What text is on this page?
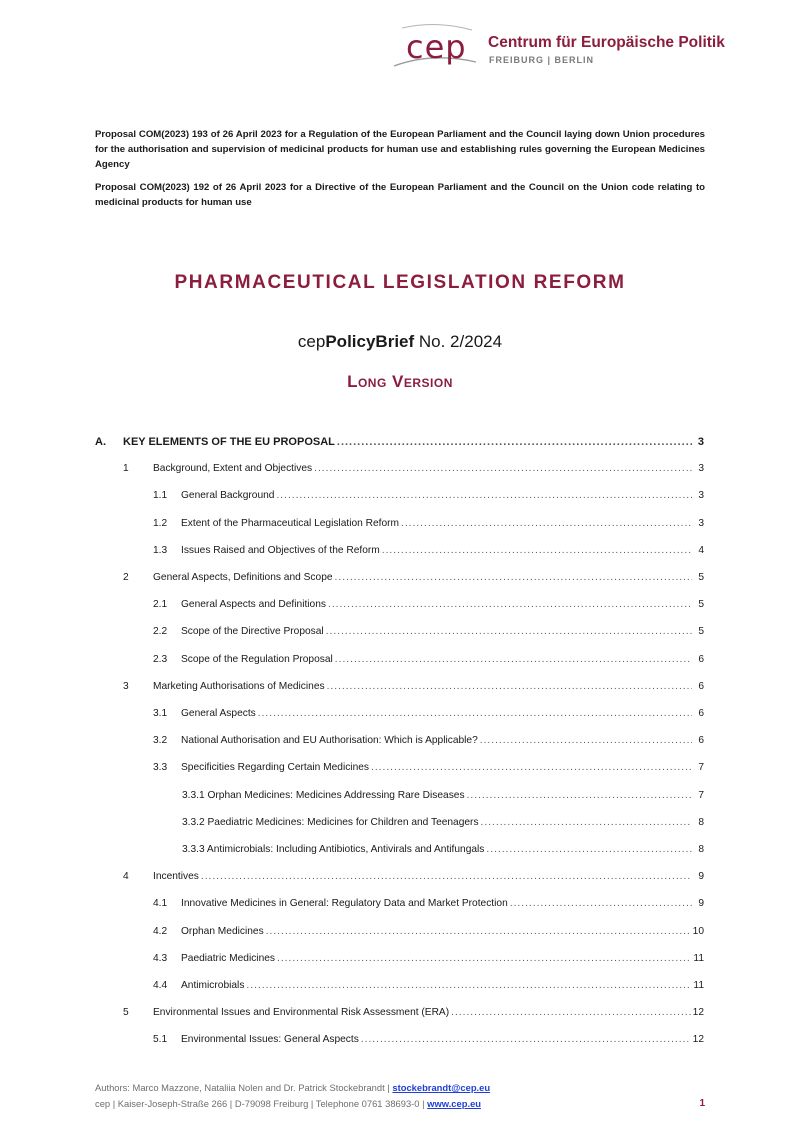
cep Centrum für Europäische Politik
FREIBURG | BERLIN
Proposal COM(2023) 193 of 26 April 2023 for a Regulation of the European Parliament and the Council laying down Union procedures for the authorisation and supervision of medicinal products for human use and establishing rules governing the European Medicines Agency
Proposal COM(2023) 192 of 26 April 2023 for a Directive of the European Parliament and the Council on the Union code relating to medicinal products for human use
PHARMACEUTICAL LEGISLATION REFORM
cepPolicyBrief No. 2/2024
Long Version
A.	KEY ELEMENTS OF THE EU PROPOSAL .....	3
1	Background, Extent and Objectives .....	3
1.1	General Background .....	3
1.2	Extent of the Pharmaceutical Legislation Reform .....	3
1.3	Issues Raised and Objectives of the Reform .....	4
2	General Aspects, Definitions and Scope .....	5
2.1	General Aspects and Definitions .....	5
2.2	Scope of the Directive Proposal .....	5
2.3	Scope of the Regulation Proposal .....	6
3	Marketing Authorisations of Medicines .....	6
3.1	General Aspects .....	6
3.2	National Authorisation and EU Authorisation: Which is Applicable? .....	6
3.3	Specificities Regarding Certain Medicines .....	7
3.3.1 Orphan Medicines: Medicines Addressing Rare Diseases .....	7
3.3.2 Paediatric Medicines: Medicines for Children and Teenagers .....	8
3.3.3 Antimicrobials: Including Antibiotics, Antivirals and Antifungals .....	8
4	Incentives .....	9
4.1	Innovative Medicines in General: Regulatory Data and Market Protection .....	9
4.2	Orphan Medicines .....	10
4.3	Paediatric Medicines .....	11
4.4	Antimicrobials .....	11
5	Environmental Issues and Environmental Risk Assessment (ERA) .....	12
5.1	Environmental Issues: General Aspects .....	12
Authors: Marco Mazzone, Nataliia Nolen and Dr. Patrick Stockebrandt | stockebrandt@cep.eu
cep | Kaiser-Joseph-Straße 266 | D-79098 Freiburg | Telephone 0761 38693-0 | www.cep.eu	1
